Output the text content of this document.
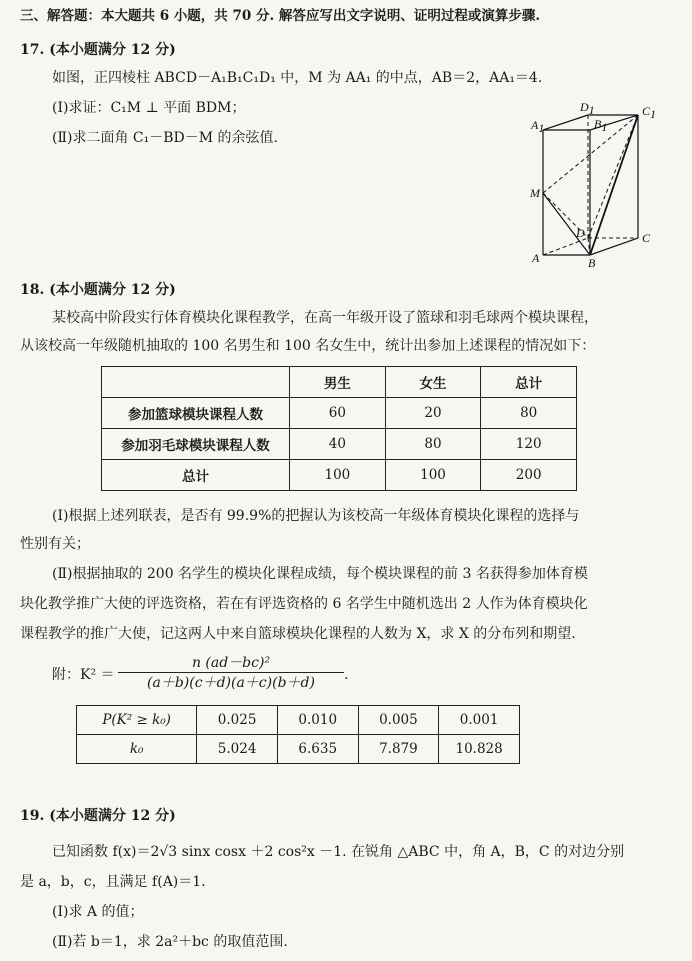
三、解答题：本大题共 6 小题，共 70 分. 解答应写出文字说明、证明过程或演算步骤.
17. (本小题满分 12 分)
如图，正四棱柱 ABCD－A₁B₁C₁D₁ 中，M 为 AA₁ 的中点，AB＝2，AA₁＝4.
(Ⅰ)求证：C₁M ⊥ 平面 BDM；
(Ⅱ)求二面角 C₁－BD－M 的余弦值.
D1
A1	B1
C1
M
D	C
A	B
18. (本小题满分 12 分)
某校高中阶段实行体育模块化课程教学，在高一年级开设了篮球和羽毛球两个模块课程，
从该校高一年级随机抽取的 100 名男生和 100 名女生中，统计出参加上述课程的情况如下：
	男生	女生	总计
参加篮球模块课程人数	60	20	80
参加羽毛球模块课程人数	40	80	120
总计	100	100	200
(Ⅰ)根据上述列联表，是否有 99.9%的把握认为该校高一年级体育模块化课程的选择与
性别有关；
(Ⅱ)根据抽取的 200 名学生的模块化课程成绩，每个模块课程的前 3 名获得参加体育模
块化教学推广大使的评选资格，若在有评选资格的 6 名学生中随机选出 2 人作为体育模块化
课程教学的推广大使，记这两人中来自篮球模块化课程的人数为 X，求 X 的分布列和期望.
附：$K^2 = \frac{\text{n (ad－bc)²}}{(a+b)(c+d)(a+c)(b+d)}$ .
P(K² ≥ k₀)	0.025	0.010	0.005	0.001
k₀	5.024	6.635	7.879	10.828
19. (本小题满分 12 分)
已知函数 f(x)＝2√3 sinx cosx ＋2 cos²x －1. 在锐角 △ABC 中，角 A，B，C 的对边分别
是 a，b，c，且满足 f(A)＝1.
(Ⅰ)求 A 的值；
(Ⅱ)若 b＝1，求 2a²＋bc 的取值范围.
